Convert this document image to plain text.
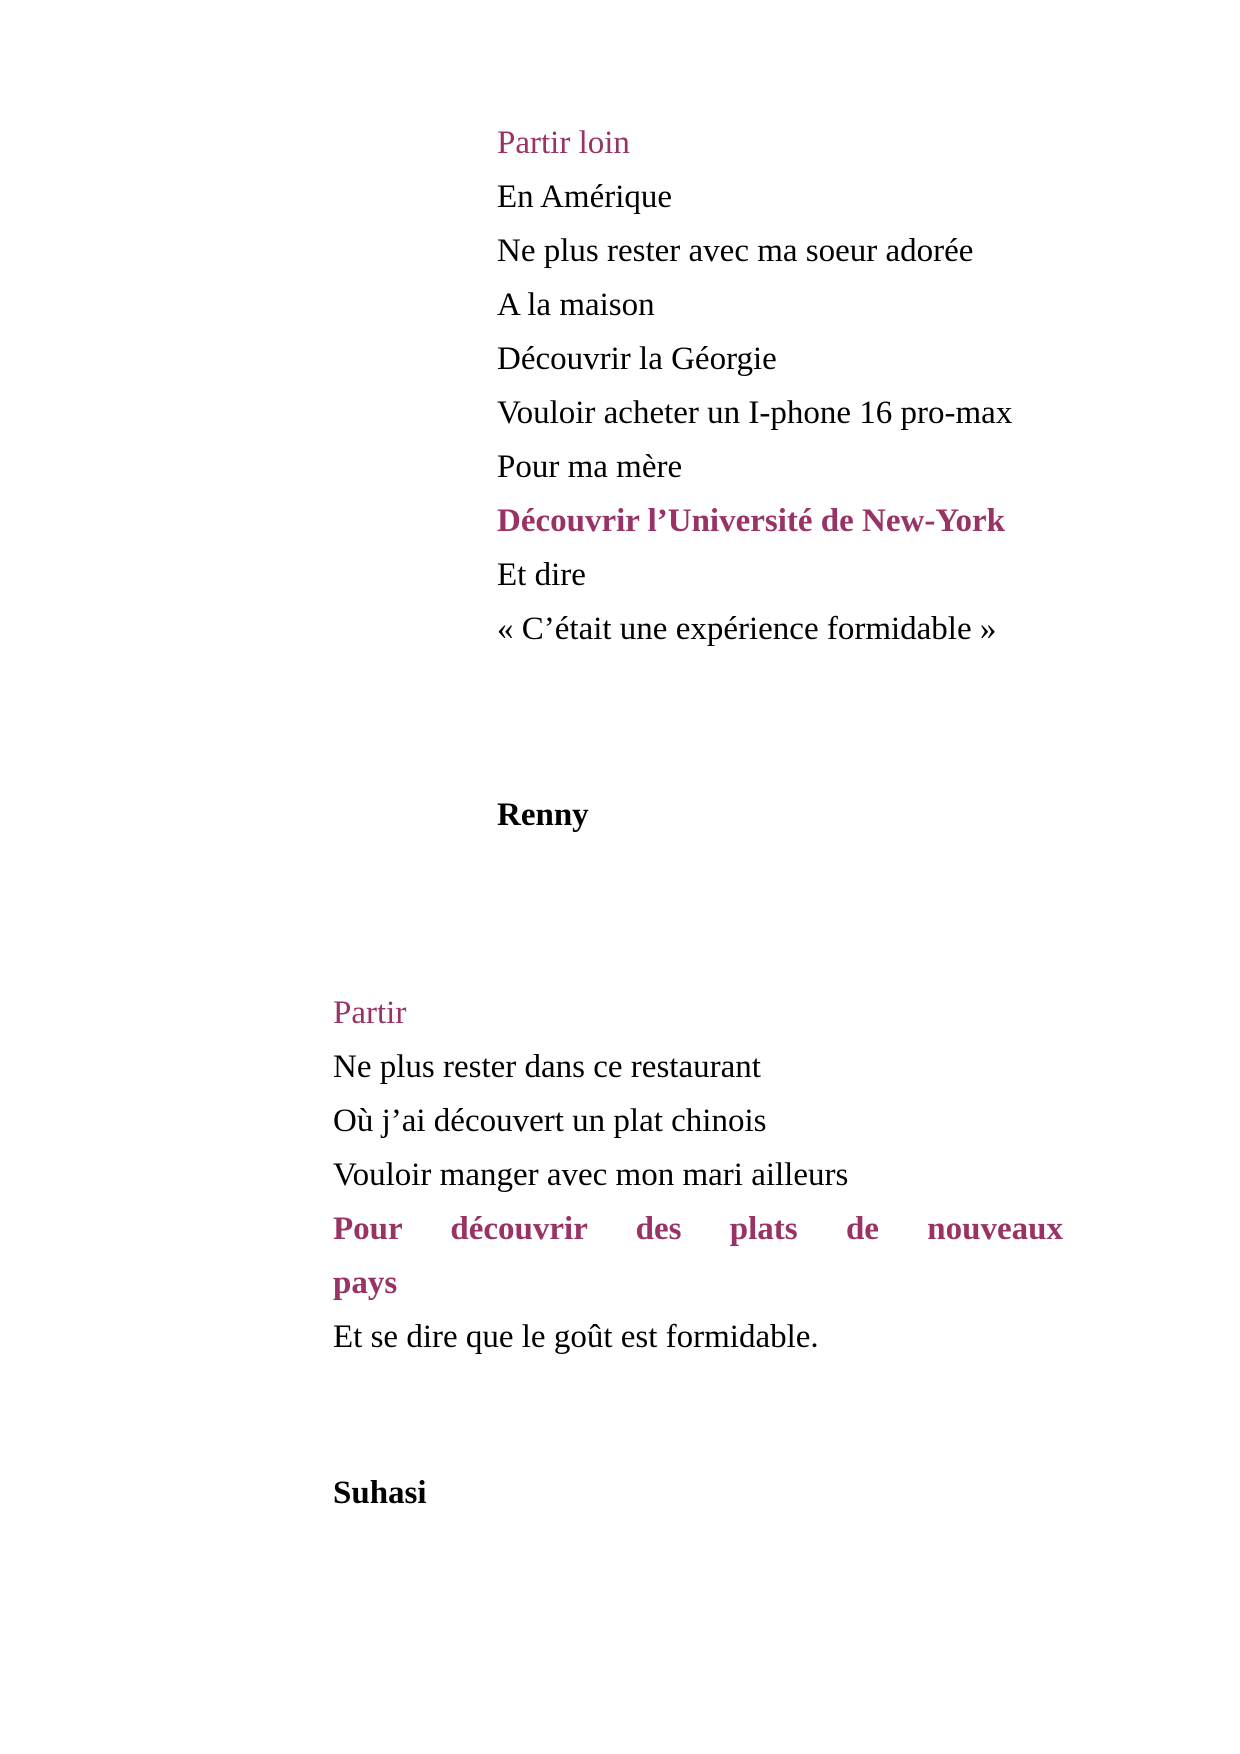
Partir loin

En Amérique

Ne plus rester avec ma soeur adorée

A la maison

Découvrir la Géorgie

Vouloir acheter un I-phone 16 pro-max

Pour ma mère

Découvrir l’Université de New-York

Et dire

« C’était une expérience formidable »

Renny

Partir

Ne plus rester dans ce restaurant

Où j’ai découvert un plat chinois

Vouloir manger avec mon mari ailleurs

Pour découvrir des plats de nouveaux

pays

Et se dire que le goût est formidable.

Suhasi
